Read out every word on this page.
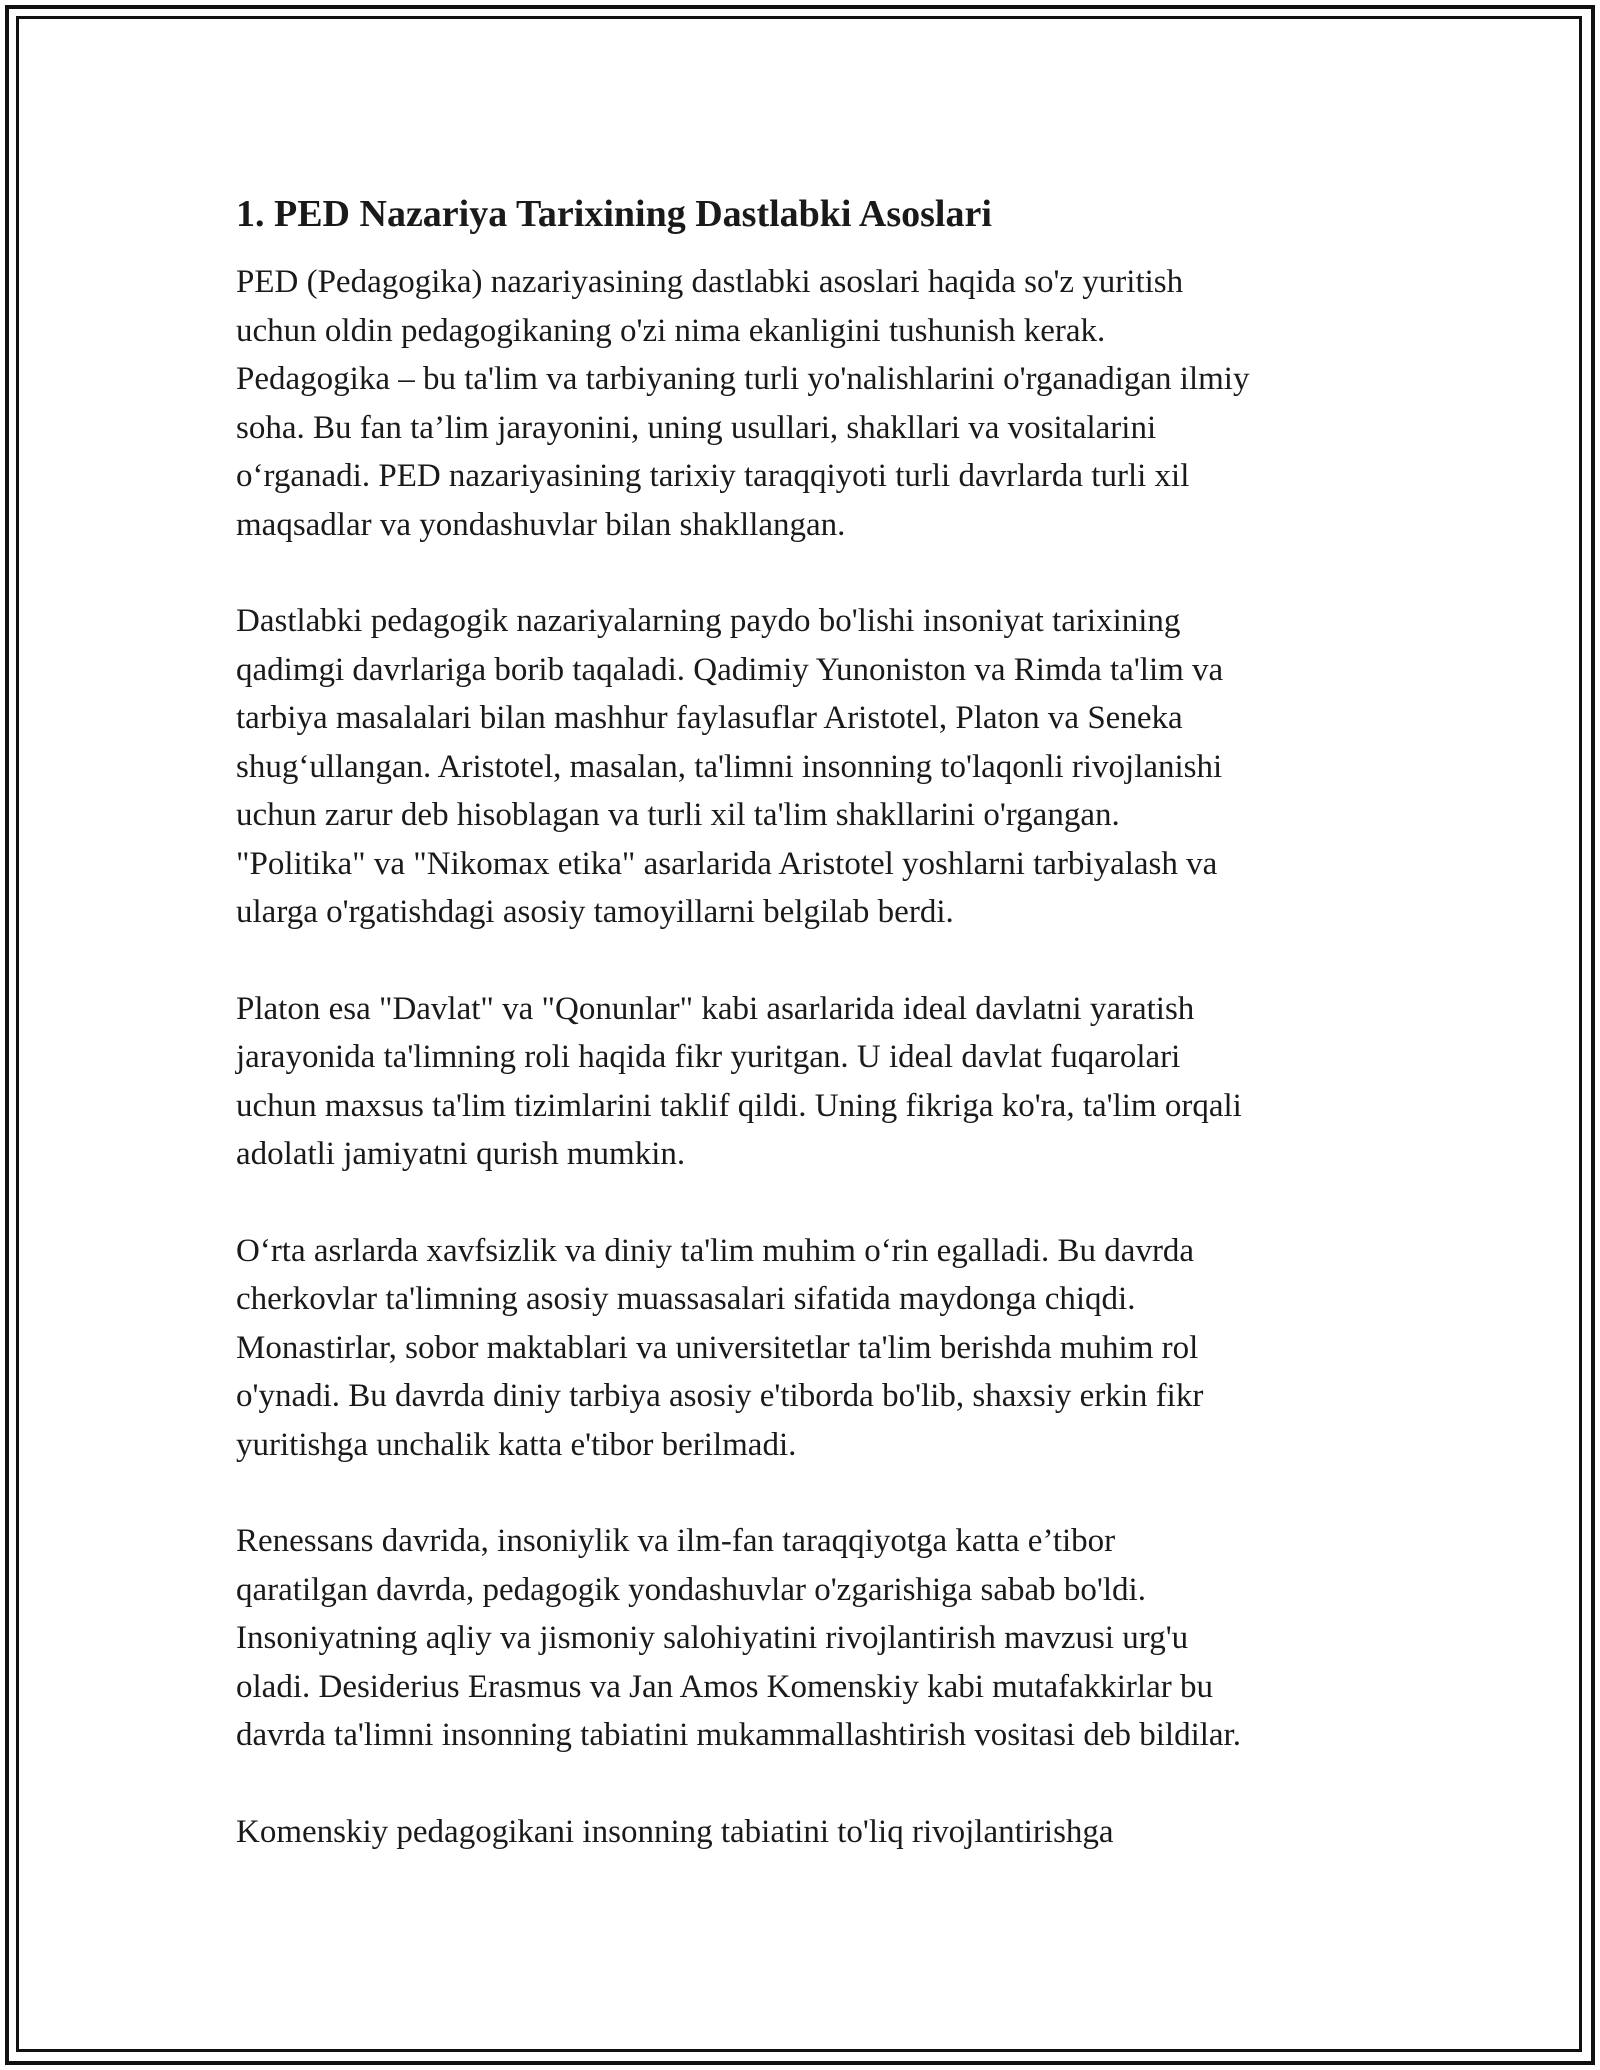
1. PED Nazariya Tarixining Dastlabki Asoslari

PED (Pedagogika) nazariyasining dastlabki asoslari haqida so'z yuritish
uchun oldin pedagogikaning o'zi nima ekanligini tushunish kerak.
Pedagogika – bu ta'lim va tarbiyaning turli yo'nalishlarini o'rganadigan ilmiy
soha. Bu fan ta’lim jarayonini, uning usullari, shakllari va vositalarini
o‘rganadi. PED nazariyasining tarixiy taraqqiyoti turli davrlarda turli xil
maqsadlar va yondashuvlar bilan shakllangan.

Dastlabki pedagogik nazariyalarning paydo bo'lishi insoniyat tarixining
qadimgi davrlariga borib taqaladi. Qadimiy Yunoniston va Rimda ta'lim va
tarbiya masalalari bilan mashhur faylasuflar Aristotel, Platon va Seneka
shug‘ullangan. Aristotel, masalan, ta'limni insonning to'laqonli rivojlanishi
uchun zarur deb hisoblagan va turli xil ta'lim shakllarini o'rgangan.
"Politika" va "Nikomax etika" asarlarida Aristotel yoshlarni tarbiyalash va
ularga o'rgatishdagi asosiy tamoyillarni belgilab berdi.

Platon esa "Davlat" va "Qonunlar" kabi asarlarida ideal davlatni yaratish
jarayonida ta'limning roli haqida fikr yuritgan. U ideal davlat fuqarolari
uchun maxsus ta'lim tizimlarini taklif qildi. Uning fikriga ko'ra, ta'lim orqali
adolatli jamiyatni qurish mumkin.

O‘rta asrlarda xavfsizlik va diniy ta'lim muhim o‘rin egalladi. Bu davrda
cherkovlar ta'limning asosiy muassasalari sifatida maydonga chiqdi.
Monastirlar, sobor maktablari va universitetlar ta'lim berishda muhim rol
o'ynadi. Bu davrda diniy tarbiya asosiy e'tiborda bo'lib, shaxsiy erkin fikr
yuritishga unchalik katta e'tibor berilmadi.

Renessans davrida, insoniylik va ilm-fan taraqqiyotga katta e’tibor
qaratilgan davrda, pedagogik yondashuvlar o'zgarishiga sabab bo'ldi.
Insoniyatning aqliy va jismoniy salohiyatini rivojlantirish mavzusi urg'u
oladi. Desiderius Erasmus va Jan Amos Komenskiy kabi mutafakkirlar bu
davrda ta'limni insonning tabiatini mukammallashtirish vositasi deb bildilar.

Komenskiy pedagogikani insonning tabiatini to'liq rivojlantirishga
